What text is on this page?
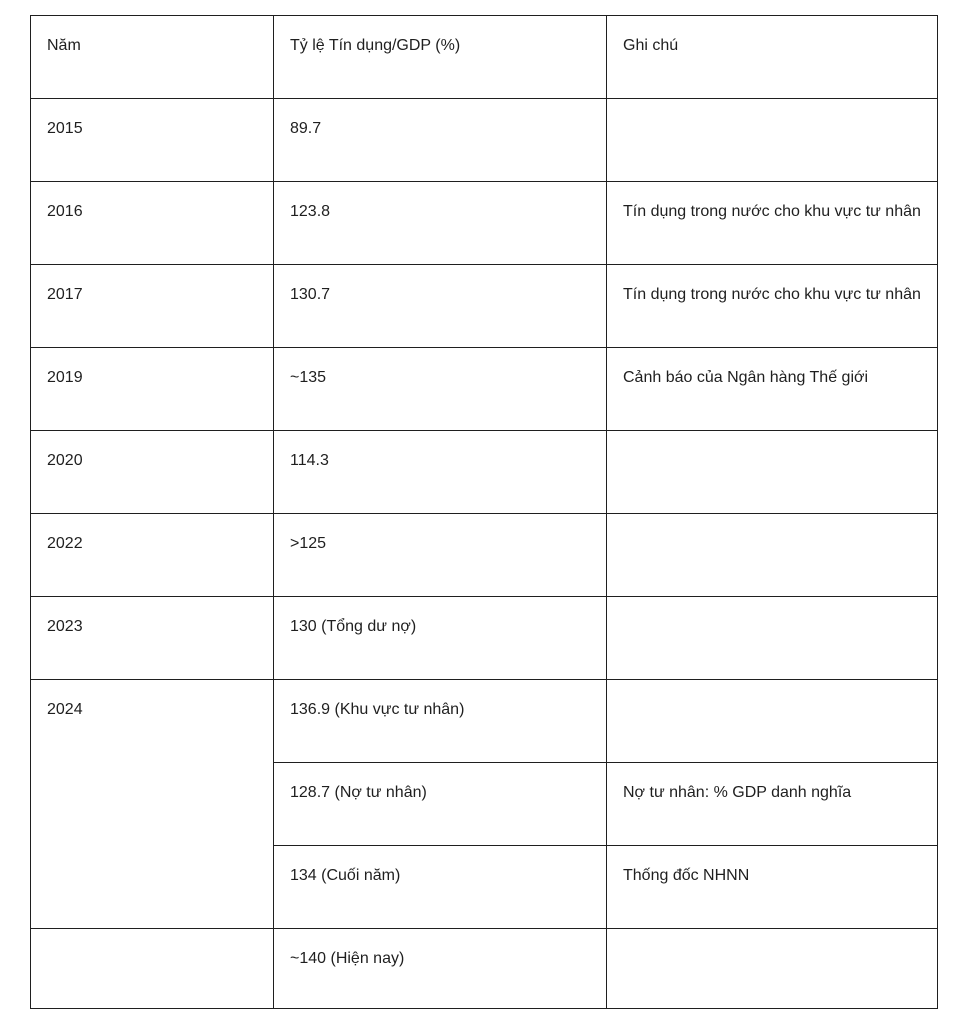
Năm	Tỷ lệ Tín dụng/GDP (%)	Ghi chú
2015	89.7	
2016	123.8	Tín dụng trong nước cho khu vực tư nhân
2017	130.7	Tín dụng trong nước cho khu vực tư nhân
2019	~135	Cảnh báo của Ngân hàng Thế giới
2020	114.3	
2022	>125	
2023	130 (Tổng dư nợ)	
2024	136.9 (Khu vực tư nhân)	
	128.7 (Nợ tư nhân)	Nợ tư nhân: % GDP danh nghĩa
	134 (Cuối năm)	Thống đốc NHNN
	~140 (Hiện nay)	
